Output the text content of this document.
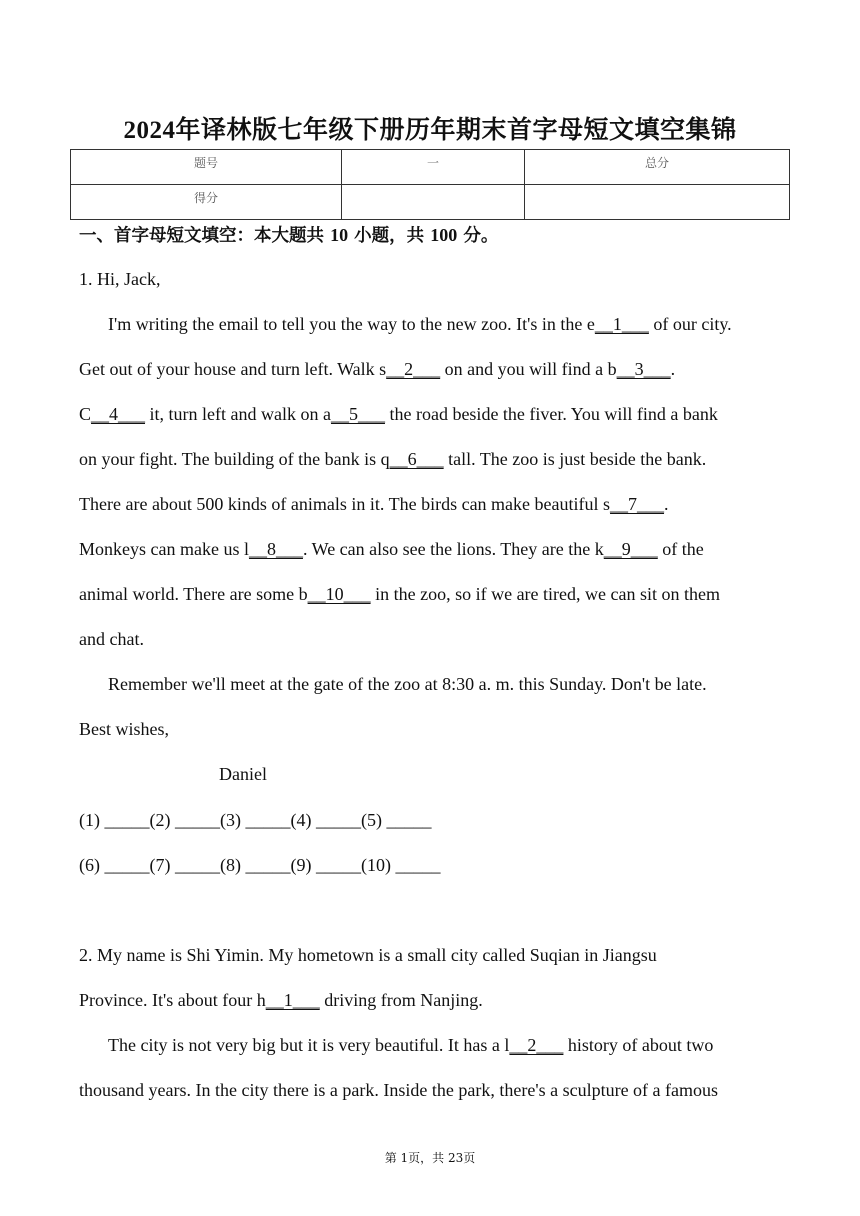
2024年译林版七年级下册历年期末首字母短文填空集锦
题号	一	总分
得分		
一、首字母短文填空：本大题共 10 小题，共 100 分。
1. Hi, Jack,
I'm writing the email to tell you the way to the new zoo. It's in the e__1___ of our city.
Get out of your house and turn left. Walk s__2___ on and you will find a b__3___.
C__4___ it, turn left and walk on a__5___ the road beside the fiver. You will find a bank
on your fight. The building of the bank is q__6___ tall. The zoo is just beside the bank.
There are about 500 kinds of animals in it. The birds can make beautiful s__7___.
Monkeys can make us l__8___. We can also see the lions. They are the k__9___ of the
animal world. There are some b__10___ in the zoo, so if we are tired, we can sit on them
and chat.
Remember we'll meet at the gate of the zoo at 8:30 a. m. this Sunday. Don't be late.
Best wishes,
Daniel
(1) _____(2) _____(3) _____(4) _____(5) _____
(6) _____(7) _____(8) _____(9) _____(10) _____
2. My name is Shi Yimin. My hometown is a small city called Suqian in Jiangsu
Province. It's about four h__1___ driving from Nanjing.
The city is not very big but it is very beautiful. It has a l__2___ history of about two
thousand years. In the city there is a park. Inside the park, there's a sculpture of a famous
第 1页，共 23页
